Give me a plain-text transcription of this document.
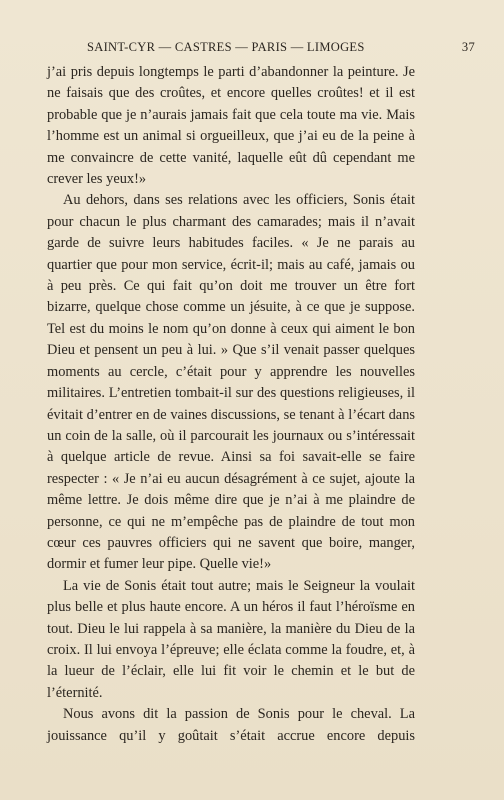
SAINT-CYR — CASTRES — PARIS — LIMOGES	37

j’ai pris depuis longtemps le parti d’abandonner la peinture. Je ne faisais que des croûtes, et encore quelles croûtes! et il est probable que je n’aurais jamais fait que cela toute ma vie. Mais l’homme est un animal si orgueilleux, que j’ai eu de la peine à me convaincre de cette vanité, laquelle eût dû cependant me crever les yeux!»

Au dehors, dans ses relations avec les officiers, Sonis était pour chacun le plus charmant des camarades; mais il n’avait garde de suivre leurs habitudes faciles. « Je ne parais au quartier que pour mon service, écrit-il; mais au café, jamais ou à peu près. Ce qui fait qu’on doit me trouver un être fort bizarre, quelque chose comme un jésuite, à ce que je suppose. Tel est du moins le nom qu’on donne à ceux qui aiment le bon Dieu et pensent un peu à lui. » Que s’il venait passer quelques moments au cercle, c’était pour y apprendre les nouvelles militaires. L’entretien tombait-il sur des questions religieuses, il évitait d’entrer en de vaines discussions, se tenant à l’écart dans un coin de la salle, où il parcourait les journaux ou s’intéressait à quelque article de revue. Ainsi sa foi savait-elle se faire respecter : « Je n’ai eu aucun désagrément à ce sujet, ajoute la même lettre. Je dois même dire que je n’ai à me plaindre de personne, ce qui ne m’empêche pas de plaindre de tout mon cœur ces pauvres officiers qui ne savent que boire, manger, dormir et fumer leur pipe. Quelle vie!»

La vie de Sonis était tout autre; mais le Seigneur la voulait plus belle et plus haute encore. A un héros il faut l’héroïsme en tout. Dieu le lui rappela à sa manière, la manière du Dieu de la croix. Il lui envoya l’épreuve; elle éclata comme la foudre, et, à la lueur de l’éclair, elle lui fit voir le chemin et le but de l’éternité.

Nous avons dit la passion de Sonis pour le cheval. La jouissance qu’il y goûtait s’était accrue encore depuis
